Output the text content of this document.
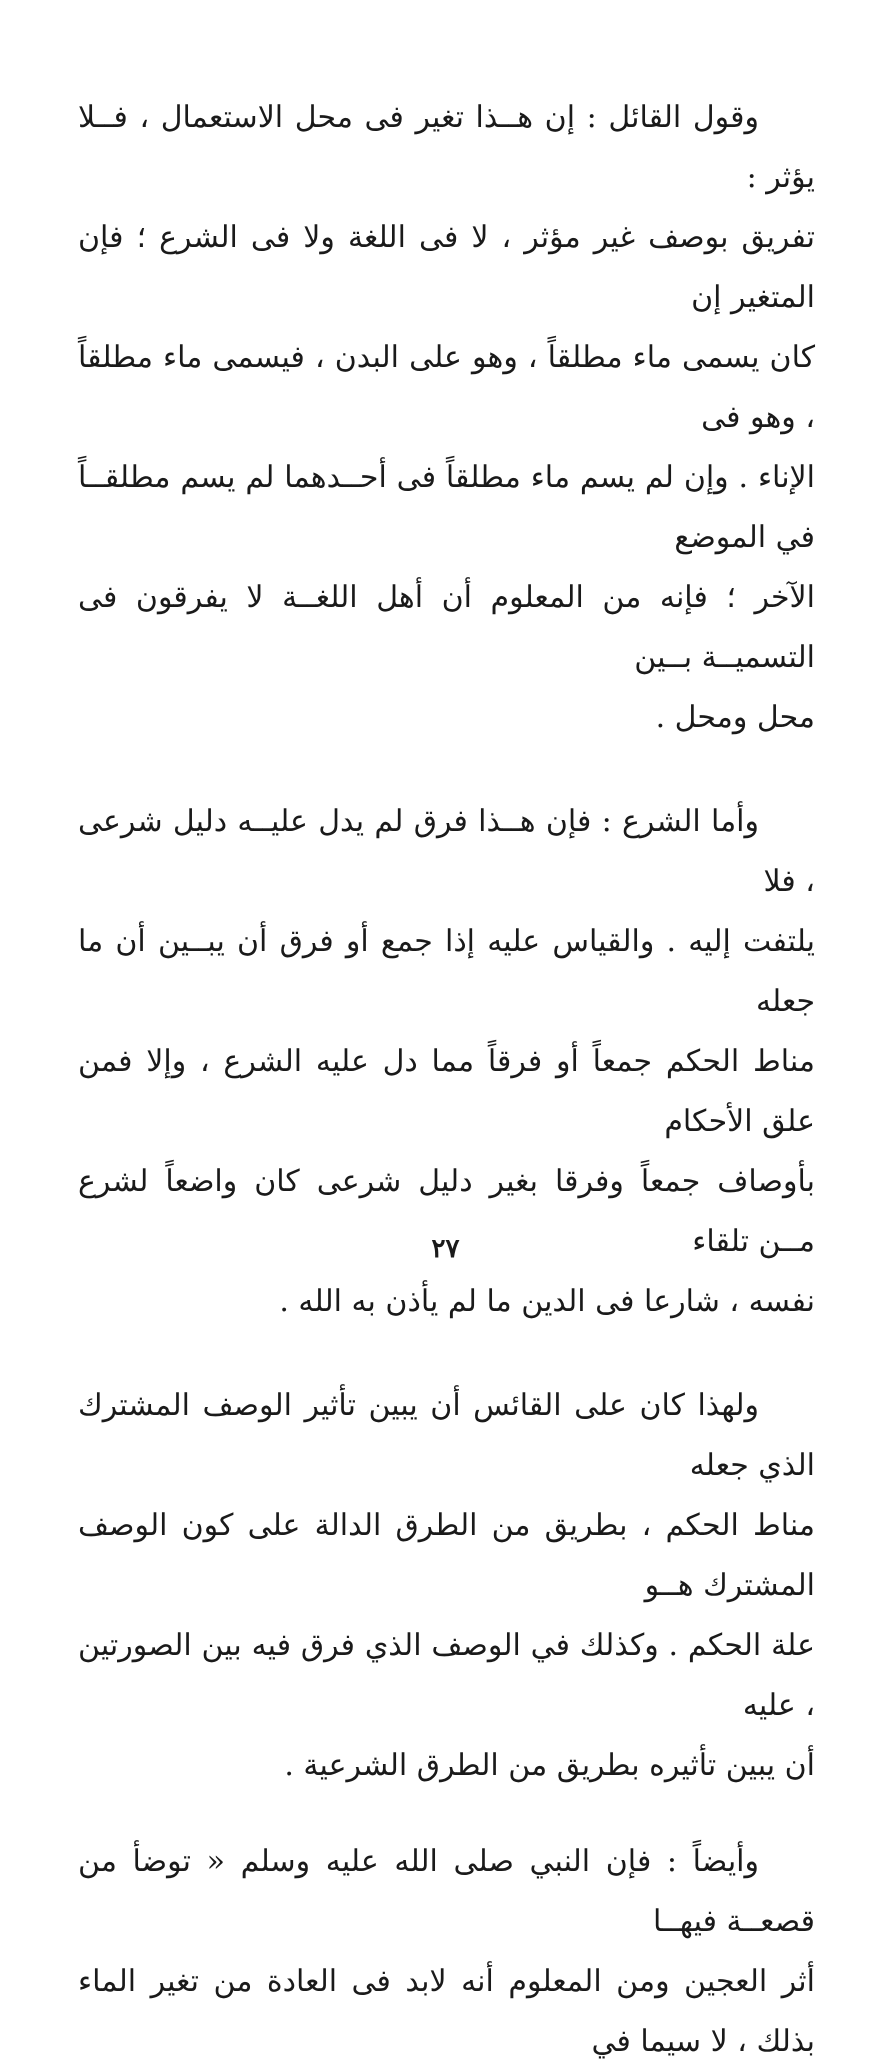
وقول القائل : إن هــذا تغير فى محل الاستعمال ، فــلا يؤثر :

تفريق بوصف غير مؤثر ، لا فى اللغة ولا فى الشرع ؛ فإن المتغير إن

كان يسمى ماء مطلقاً ، وهو على البدن ، فيسمى ماء مطلقاً ، وهو فى

الإناء . وإن لم يسم ماء مطلقاً فى أحــدهما لم يسم مطلقــاً في الموضع

الآخر ؛ فإنه من المعلوم أن أهل اللغــة لا يفرقون فى التسميــة بــين

محل ومحل .

وأما الشرع : فإن هــذا فرق لم يدل عليــه دليل شرعى ، فلا

يلتفت إليه . والقياس عليه إذا جمع أو فرق أن يبــين أن ما جعله

مناط الحكم جمعاً أو فرقاً مما دل عليه الشرع ، وإلا فمن علق الأحكام

بأوصاف جمعاً وفرقا بغير دليل شرعى كان واضعاً لشرع مــن تلقاء

نفسه ، شارعا فى الدين ما لم يأذن به الله .

ولهذا كان على القائس أن يبين تأثير الوصف المشترك الذي جعله

مناط الحكم ، بطريق من الطرق الدالة على كون الوصف المشترك هــو

علة الحكم . وكذلك في الوصف الذي فرق فيه بين الصورتين ، عليه

أن يبين تأثيره بطريق من الطرق الشرعية .

وأيضاً : فإن النبي صلى الله عليه وسلم « توضأ من قصعــة فيهــا

أثر العجين ومن المعلوم أنه لابد فى العادة من تغير الماء بذلك ، لا سيما في

٢٧
